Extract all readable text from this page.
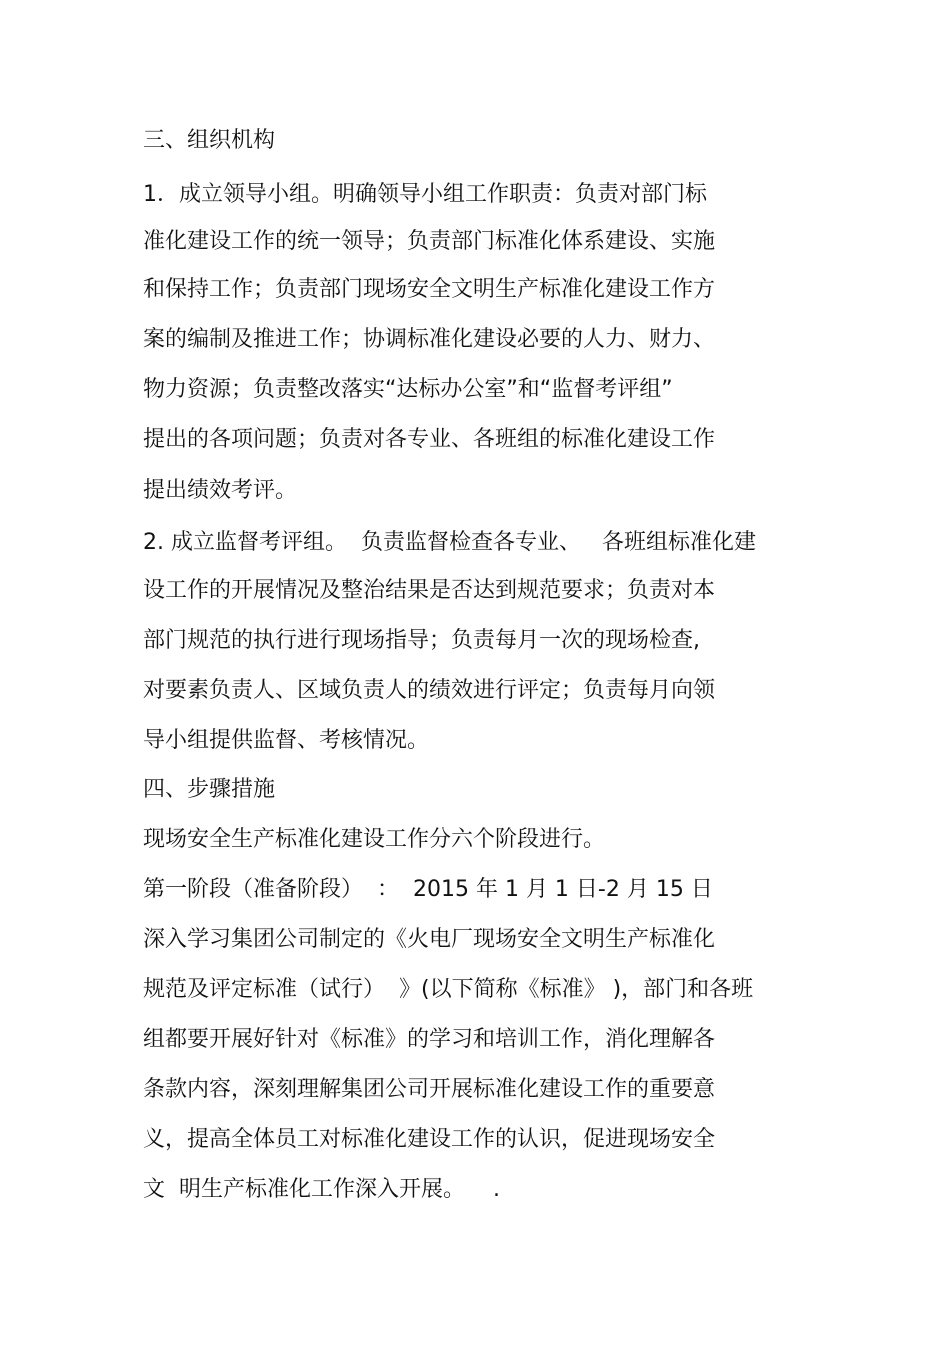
三、组织机构

1．成立领导小组。明确领导小组工作职责：负责对部门标

准化建设工作的统一领导；负责部门标准化体系建设、实施

和保持工作；负责部门现场安全文明生产标准化建设工作方

案的编制及推进工作；协调标准化建设必要的人力、财力、

物力资源；负责整改落实“达标办公室”和“监督考评组”

提出的各项问题；负责对各专业、各班组的标准化建设工作

提出绩效考评。

2. 成立监督考评组。  负责监督检查各专业、   各班组标准化建

设工作的开展情况及整治结果是否达到规范要求；负责对本

部门规范的执行进行现场指导；负责每月一次的现场检查,

对要素负责人、区域负责人的绩效进行评定；负责每月向领

导小组提供监督、考核情况。

四、步骤措施

现场安全生产标准化建设工作分六个阶段进行。

第一阶段（准备阶段）  ：  2015 年 1 月 1 日-2 月 15 日

深入学习集团公司制定的《火电厂现场安全文明生产标准化

规范及评定标准（试行）  》(以下简称《标准》 )，部门和各班

组都要开展好针对《标准》的学习和培训工作，消化理解各

条款内容，深刻理解集团公司开展标准化建设工作的重要意

义，提高全体员工对标准化建设工作的认识，促进现场安全

文  明生产标准化工作深入开展。    .
